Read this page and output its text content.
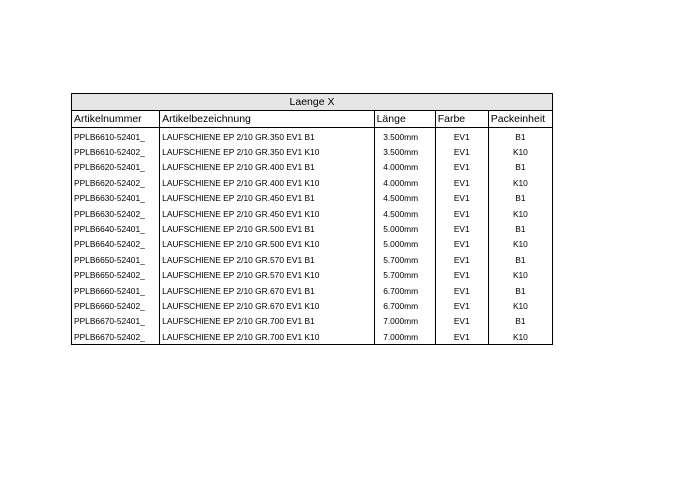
Laenge X				
Artikelnummer	Artikelbezeichnung	Länge	Farbe	Packeinheit
PPLB6610-52401_	LAUFSCHIENE EP 2/10 GR.350 EV1 B1	3.500mm	EV1	B1
PPLB6610-52402_	LAUFSCHIENE EP 2/10 GR.350 EV1 K10	3.500mm	EV1	K10
PPLB6620-52401_	LAUFSCHIENE EP 2/10 GR.400 EV1 B1	4.000mm	EV1	B1
PPLB6620-52402_	LAUFSCHIENE EP 2/10 GR.400 EV1 K10	4.000mm	EV1	K10
PPLB6630-52401_	LAUFSCHIENE EP 2/10 GR.450 EV1 B1	4.500mm	EV1	B1
PPLB6630-52402_	LAUFSCHIENE EP 2/10 GR.450 EV1 K10	4.500mm	EV1	K10
PPLB6640-52401_	LAUFSCHIENE EP 2/10 GR.500 EV1 B1	5.000mm	EV1	B1
PPLB6640-52402_	LAUFSCHIENE EP 2/10 GR.500 EV1 K10	5.000mm	EV1	K10
PPLB6650-52401_	LAUFSCHIENE EP 2/10 GR.570 EV1 B1	5.700mm	EV1	B1
PPLB6650-52402_	LAUFSCHIENE EP 2/10 GR.570 EV1 K10	5.700mm	EV1	K10
PPLB6660-52401_	LAUFSCHIENE EP 2/10 GR.670 EV1 B1	6.700mm	EV1	B1
PPLB6660-52402_	LAUFSCHIENE EP 2/10 GR.670 EV1 K10	6.700mm	EV1	K10
PPLB6670-52401_	LAUFSCHIENE EP 2/10 GR.700 EV1 B1	7.000mm	EV1	B1
PPLB6670-52402_	LAUFSCHIENE EP 2/10 GR.700 EV1 K10	7.000mm	EV1	K10
